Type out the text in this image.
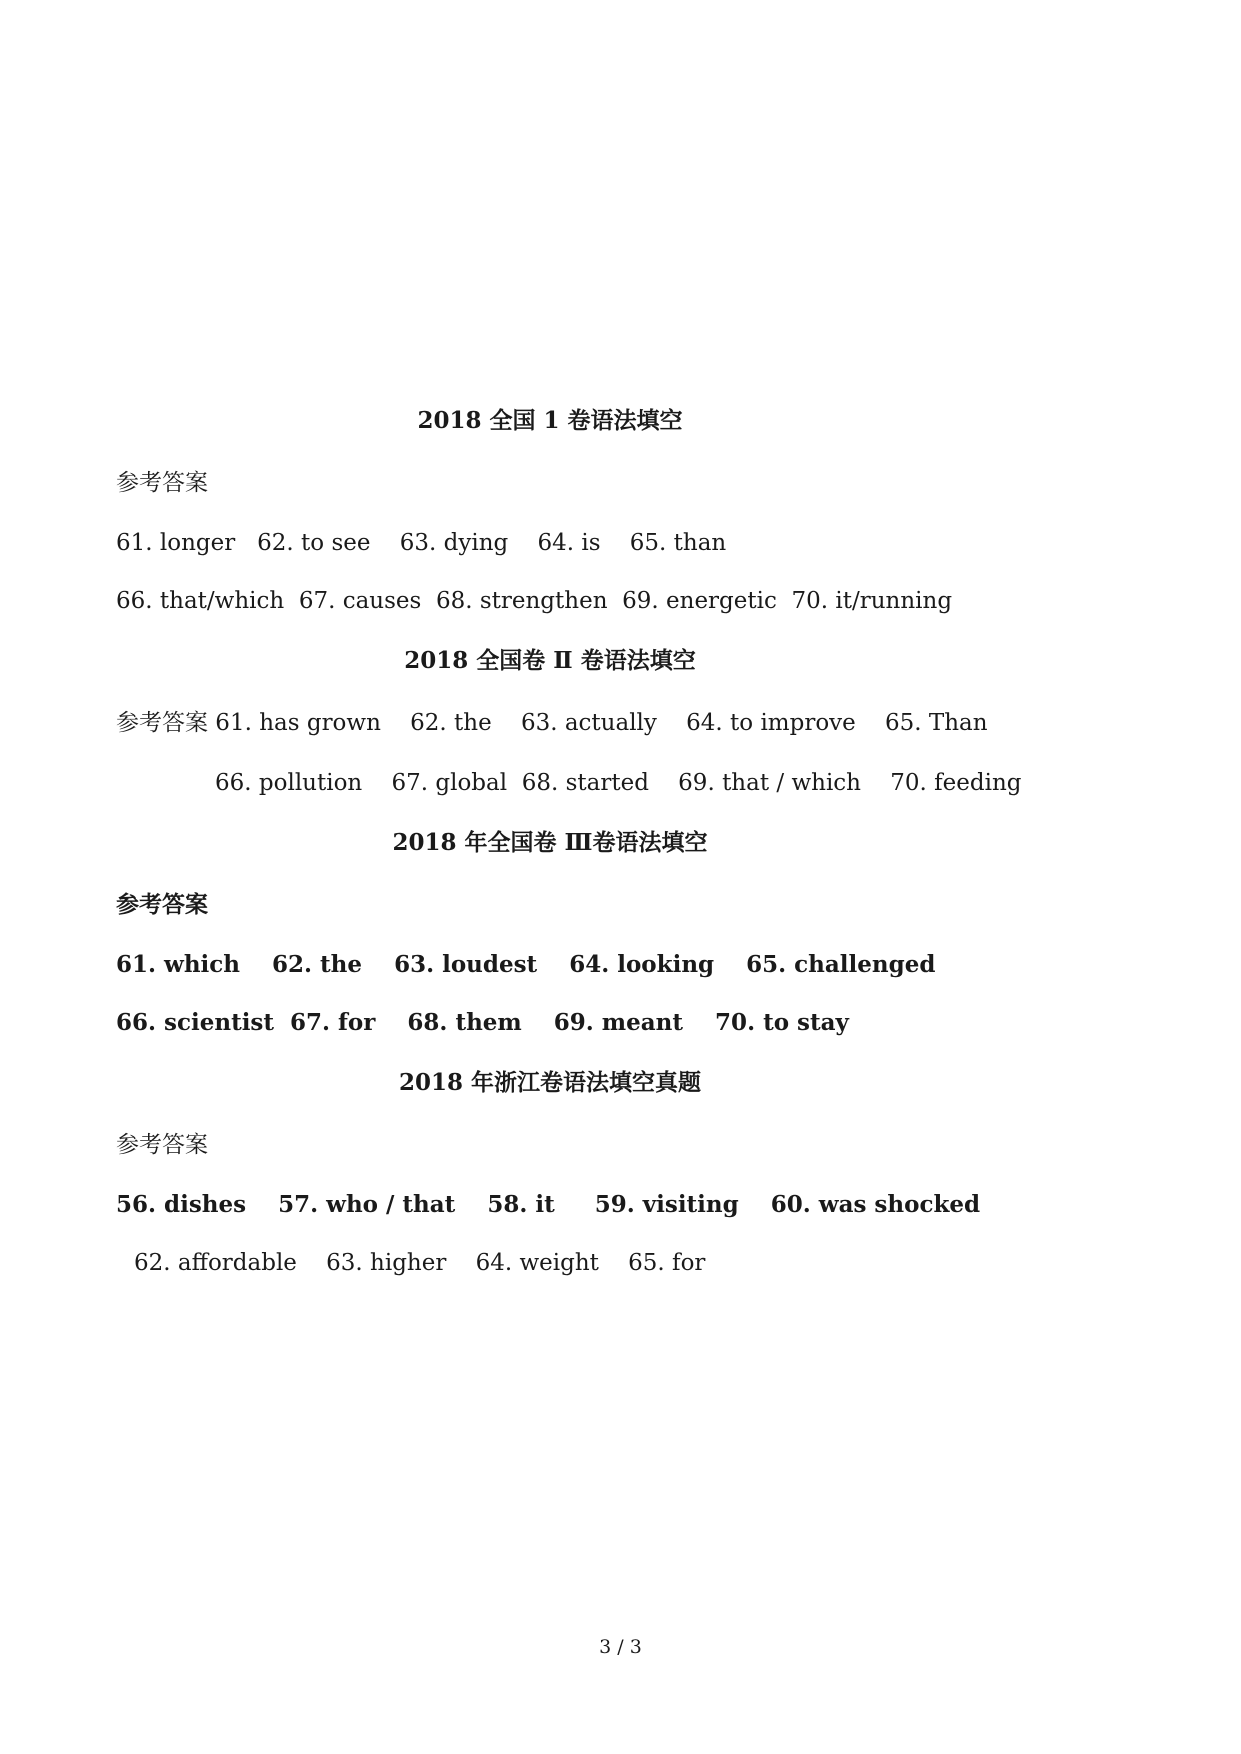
2018 全国 1 卷语法填空
参考答案
61. longer   62. to see    63. dying    64. is    65. than
66. that/which  67. causes  68. strengthen  69. energetic  70. it/running
2018 全国卷 Ⅱ 卷语法填空
参考答案 61. has grown    62. the    63. actually    64. to improve    65. Than
66. pollution    67. global  68. started    69. that / which    70. feeding
2018 年全国卷 Ⅲ卷语法填空
参考答案
61. which    62. the    63. loudest    64. looking    65. challenged
66. scientist  67. for    68. them    69. meant    70. to stay
2018 年浙江卷语法填空真题
参考答案
56. dishes    57. who / that    58. it     59. visiting    60. was shocked
62. affordable    63. higher    64. weight    65. for
3 / 3
